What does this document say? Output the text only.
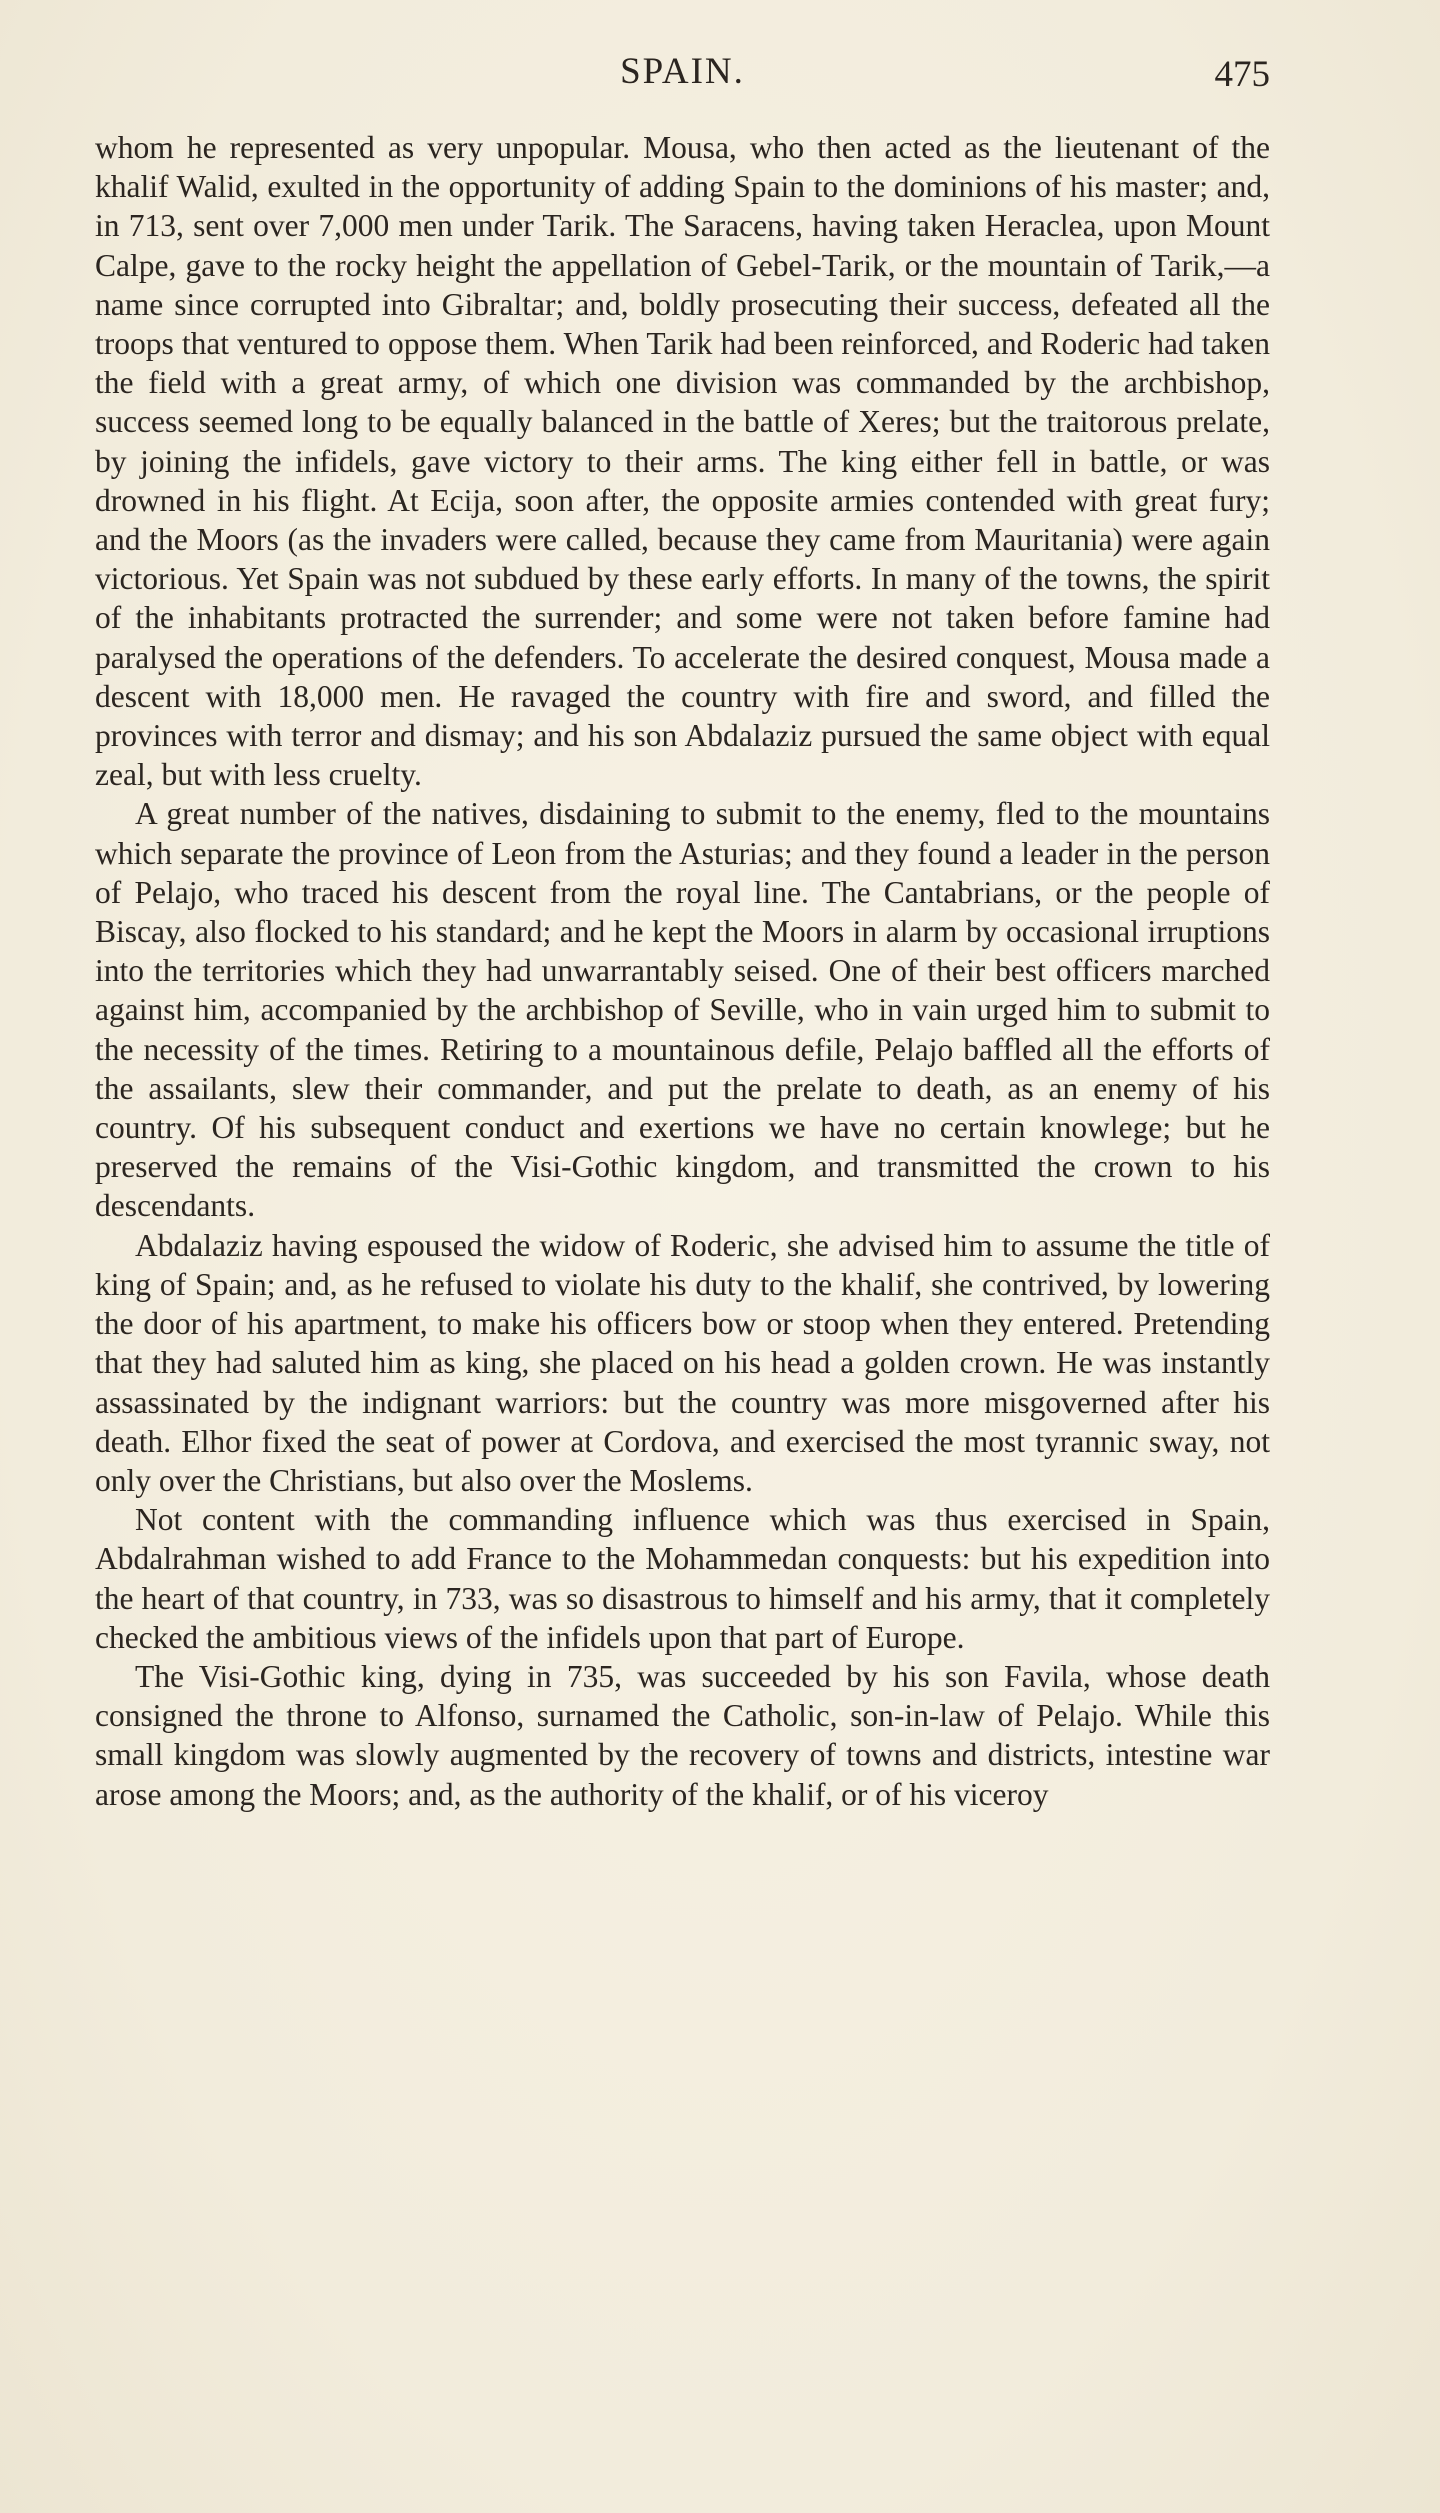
SPAIN.	475

whom he represented as very unpopular. Mousa, who then acted as the lieutenant of the khalif Walid, exulted in the opportunity of adding Spain to the dominions of his master; and, in 713, sent over 7,000 men under Tarik. The Saracens, having taken Heraclea, upon Mount Calpe, gave to the rocky height the appellation of Gebel-Tarik, or the mountain of Tarik,—a name since corrupted into Gibraltar; and, boldly prosecuting their success, defeated all the troops that ventured to oppose them. When Tarik had been reinforced, and Roderic had taken the field with a great army, of which one division was commanded by the archbishop, success seemed long to be equally balanced in the battle of Xeres; but the traitorous prelate, by joining the infidels, gave victory to their arms. The king either fell in battle, or was drowned in his flight. At Ecija, soon after, the opposite armies contended with great fury; and the Moors (as the invaders were called, because they came from Mauritania) were again victorious. Yet Spain was not subdued by these early efforts. In many of the towns, the spirit of the inhabitants protracted the surrender; and some were not taken before famine had paralysed the operations of the defenders. To accelerate the desired conquest, Mousa made a descent with 18,000 men. He ravaged the country with fire and sword, and filled the provinces with terror and dismay; and his son Abdalaziz pursued the same object with equal zeal, but with less cruelty.

A great number of the natives, disdaining to submit to the enemy, fled to the mountains which separate the province of Leon from the Asturias; and they found a leader in the person of Pelajo, who traced his descent from the royal line. The Cantabrians, or the people of Biscay, also flocked to his standard; and he kept the Moors in alarm by occasional irruptions into the territories which they had unwarrantably seised. One of their best officers marched against him, accompanied by the archbishop of Seville, who in vain urged him to submit to the necessity of the times. Retiring to a mountainous defile, Pelajo baffled all the efforts of the assailants, slew their commander, and put the prelate to death, as an enemy of his country. Of his subsequent conduct and exertions we have no certain knowlege; but he preserved the remains of the Visi-Gothic kingdom, and transmitted the crown to his descendants.

Abdalaziz having espoused the widow of Roderic, she advised him to assume the title of king of Spain; and, as he refused to violate his duty to the khalif, she contrived, by lowering the door of his apartment, to make his officers bow or stoop when they entered. Pretending that they had saluted him as king, she placed on his head a golden crown. He was instantly assassinated by the indignant warriors: but the country was more misgoverned after his death. Elhor fixed the seat of power at Cordova, and exercised the most tyrannic sway, not only over the Christians, but also over the Moslems.

Not content with the commanding influence which was thus exercised in Spain, Abdalrahman wished to add France to the Mohammedan conquests: but his expedition into the heart of that country, in 733, was so disastrous to himself and his army, that it completely checked the ambitious views of the infidels upon that part of Europe.

The Visi-Gothic king, dying in 735, was succeeded by his son Favila, whose death consigned the throne to Alfonso, surnamed the Catholic, son-in-law of Pelajo. While this small kingdom was slowly augmented by the recovery of towns and districts, intestine war arose among the Moors; and, as the authority of the khalif, or of his viceroy
